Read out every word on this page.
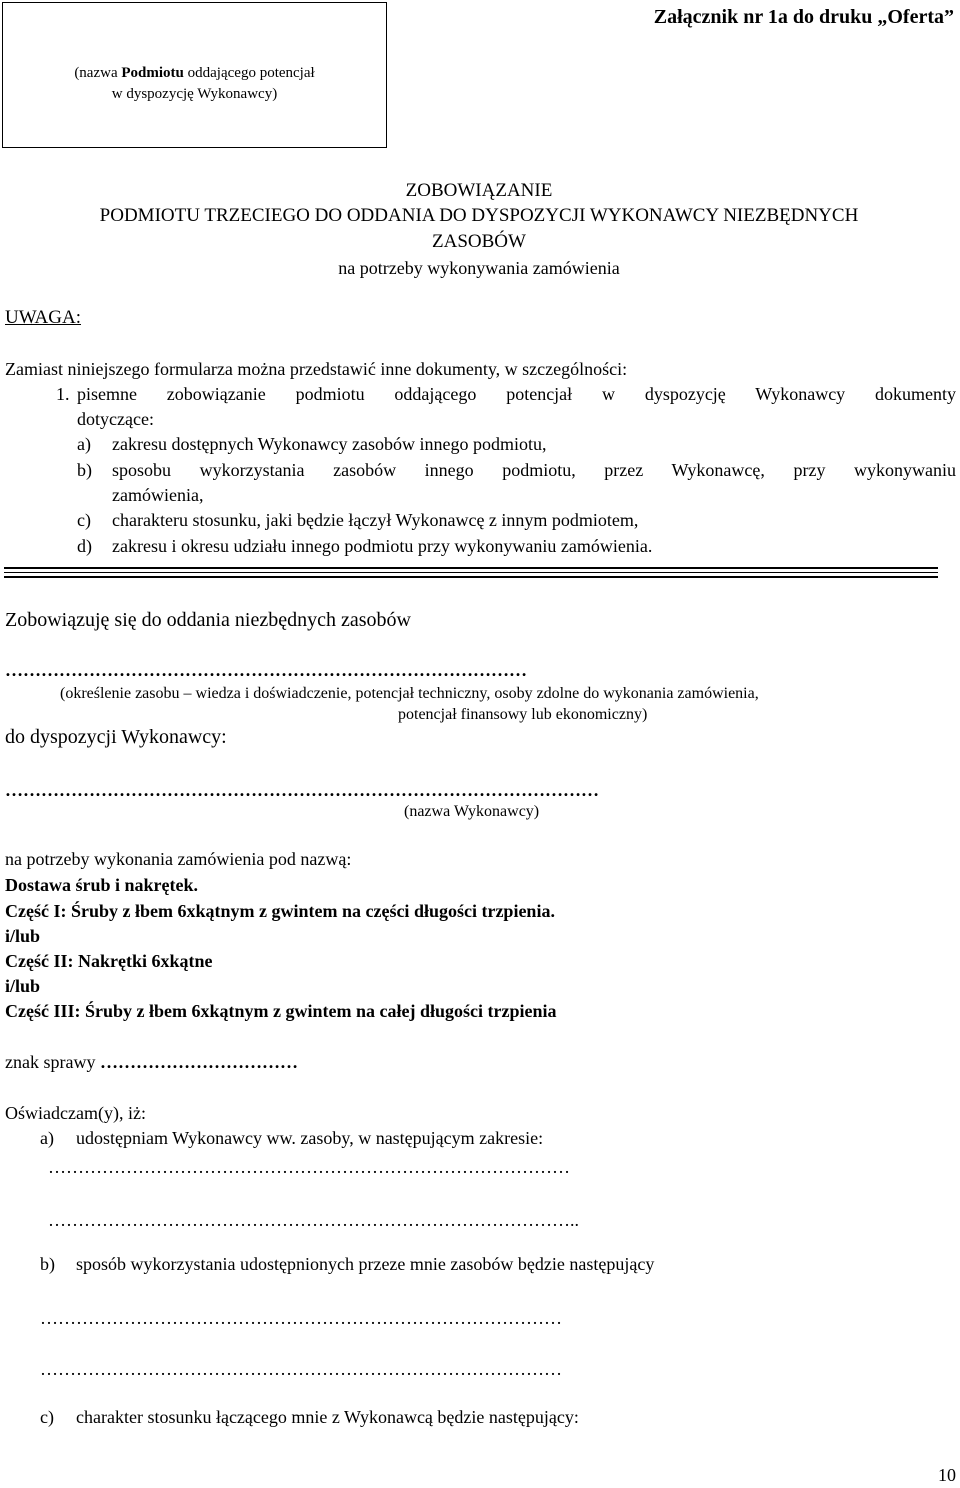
Załącznik nr 1a do druku „Oferta”
(nazwa Podmiotu oddającego potencjał
w dyspozycję Wykonawcy)
ZOBOWIĄZANIE
PODMIOTU TRZECIEGO DO ODDANIA DO DYSPOZYCJI WYKONAWCY NIEZBĘDNYCH
ZASOBÓW
na potrzeby wykonywania zamówienia
UWAGA:
Zamiast niniejszego formularza można przedstawić inne dokumenty, w szczególności:
1. pisemne zobowiązanie podmiotu oddającego potencjał w dyspozycję Wykonawcy dokumenty
dotyczące:
a) zakresu dostępnych Wykonawcy zasobów innego podmiotu,
b) sposobu wykorzystania zasobów innego podmiotu, przez Wykonawcę, przy wykonywaniu
zamówienia,
c) charakteru stosunku, jaki będzie łączył Wykonawcę z innym podmiotem,
d) zakresu i okresu udziału innego podmiotu przy wykonywaniu zamówienia.
Zobowiązuję się do oddania niezbędnych zasobów
……………………………………………………………………………
(określenie zasobu – wiedza i doświadczenie, potencjał techniczny, osoby zdolne do wykonania zamówienia,
potencjał finansowy lub ekonomiczny)
do dyspozycji Wykonawcy:
………………………………………………………………………………………
(nazwa Wykonawcy)
na potrzeby wykonania zamówienia pod nazwą:
Dostawa śrub i nakrętek.
Część I: Śruby z łbem 6xkątnym z gwintem na części długości trzpienia.
i/lub
Część II: Nakrętki 6xkątne
i/lub
Część III: Śruby z łbem 6xkątnym z gwintem na całej długości trzpienia
znak sprawy ……………………………
Oświadczam(y), iż:
a) udostępniam Wykonawcy ww. zasoby, w następującym zakresie:
……………………………………………………………………………
……………………………………………………………………………..
b) sposób wykorzystania udostępnionych przeze mnie zasobów będzie następujący
……………………………………………………………………………
……………………………………………………………………………
c) charakter stosunku łączącego mnie z Wykonawcą będzie następujący:
10
